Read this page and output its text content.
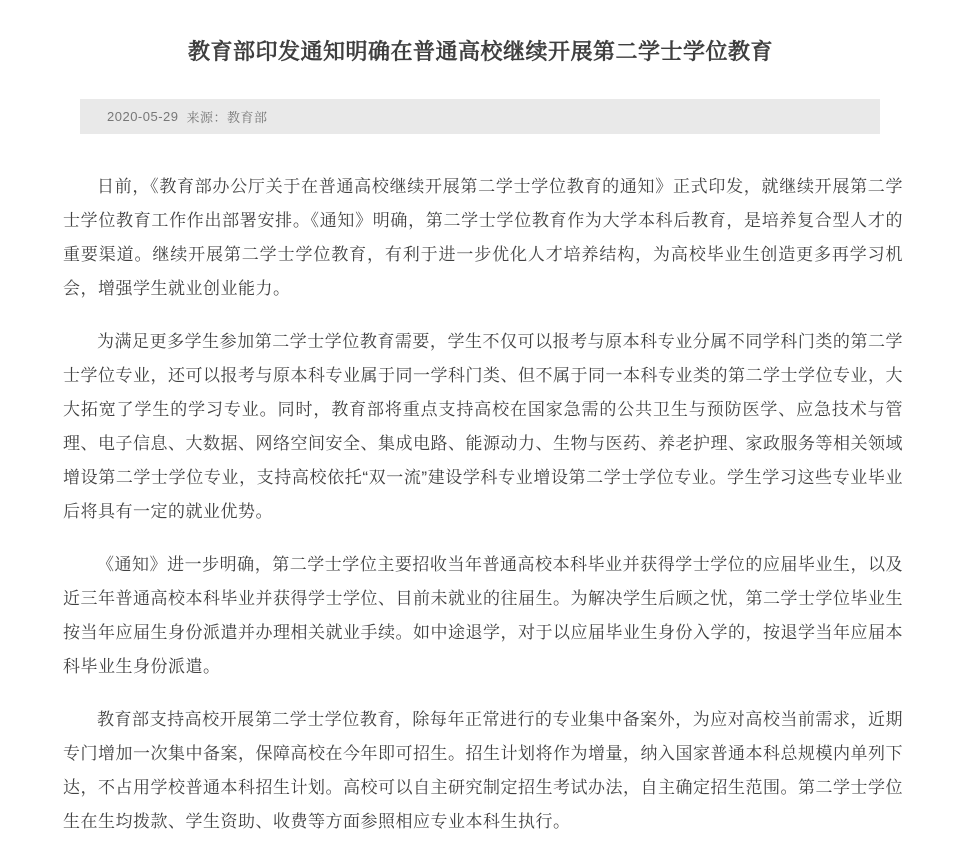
教育部印发通知明确在普通高校继续开展第二学士学位教育
2020-05-29 来源：教育部

日前，《教育部办公厅关于在普通高校继续开展第二学士学位教育的通知》正式印发，就继续开展第二学士学位教育工作作出部署安排。《通知》明确，第二学士学位教育作为大学本科后教育，是培养复合型人才的重要渠道。继续开展第二学士学位教育，有利于进一步优化人才培养结构，为高校毕业生创造更多再学习机会，增强学生就业创业能力。

为满足更多学生参加第二学士学位教育需要，学生不仅可以报考与原本科专业分属不同学科门类的第二学士学位专业，还可以报考与原本科专业属于同一学科门类、但不属于同一本科专业类的第二学士学位专业，大大拓宽了学生的学习专业。同时，教育部将重点支持高校在国家急需的公共卫生与预防医学、应急技术与管理、电子信息、大数据、网络空间安全、集成电路、能源动力、生物与医药、养老护理、家政服务等相关领域增设第二学士学位专业，支持高校依托“双一流”建设学科专业增设第二学士学位专业。学生学习这些专业毕业后将具有一定的就业优势。

《通知》进一步明确，第二学士学位主要招收当年普通高校本科毕业并获得学士学位的应届毕业生，以及近三年普通高校本科毕业并获得学士学位、目前未就业的往届生。为解决学生后顾之忧，第二学士学位毕业生按当年应届生身份派遣并办理相关就业手续。如中途退学，对于以应届毕业生身份入学的，按退学当年应届本科毕业生身份派遣。

教育部支持高校开展第二学士学位教育，除每年正常进行的专业集中备案外，为应对高校当前需求，近期专门增加一次集中备案，保障高校在今年即可招生。招生计划将作为增量，纳入国家普通本科总规模内单列下达，不占用学校普通本科招生计划。高校可以自主研究制定招生考试办法，自主确定招生范围。第二学士学位生在生均拨款、学生资助、收费等方面参照相应专业本科生执行。
